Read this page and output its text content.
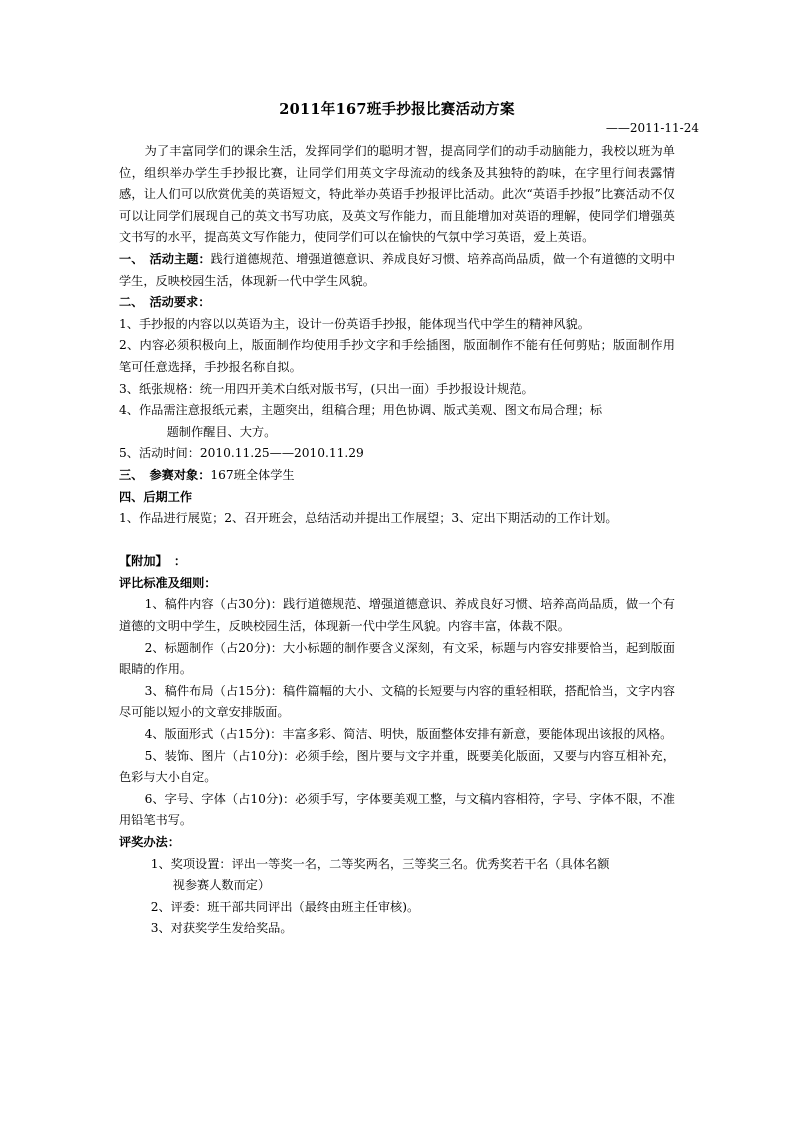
2011年167班手抄报比赛活动方案
——2011-11-24

为了丰富同学们的课余生活，发挥同学们的聪明才智，提高同学们的动手动脑能力，我校以班为单位，组织举办学生手抄报比赛，让同学们用英文字母流动的线条及其独特的韵味，在字里行间表露情感，让人们可以欣赏优美的英语短文，特此举办英语手抄报评比活动。此次“英语手抄报”比赛活动不仅可以让同学们展现自己的英文书写功底，及英文写作能力，而且能增加对英语的理解，使同学们增强英文书写的水平，提高英文写作能力，使同学们可以在愉快的气氛中学习英语，爱上英语。

一、　活动主题：践行道德规范、增强道德意识、养成良好习惯、培养高尚品质，做一个有道德的文明中学生，反映校园生活，体现新一代中学生风貌。

二、　活动要求：

1、手抄报的内容以以英语为主，设计一份英语手抄报，能体现当代中学生的精神风貌。

2、内容必须积极向上，版面制作均使用手抄文字和手绘插图，版面制作不能有任何剪贴；版面制作用笔可任意选择，手抄报名称自拟。

3、纸张规格：统一用四开美术白纸对版书写，(只出一面）手抄报设计规范。

4、作品需注意报纸元素，主题突出，组稿合理；用色协调、版式美观、图文布局合理；标

题制作醒目、大方。

5、活动时间：2010.11.25——2010.11.29

三、　参赛对象：167班全体学生

四、后期工作

1、作品进行展览；2、召开班会，总结活动并提出工作展望；3、定出下期活动的工作计划。

【附加】　：

评比标准及细则：

1、稿件内容（占30分)：践行道德规范、增强道德意识、养成良好习惯、培养高尚品质，做一个有道德的文明中学生，反映校园生活，体现新一代中学生风貌。内容丰富，体裁不限。

2、标题制作（占20分)：大小标题的制作要含义深刻，有文采，标题与内容安排要恰当，起到版面眼睛的作用。

3、稿件布局（占15分)：稿件篇幅的大小、文稿的长短要与内容的重轻相联，搭配恰当，文字内容尽可能以短小的文章安排版面。

4、版面形式（占15分)：丰富多彩、简洁、明快，版面整体安排有新意，要能体现出该报的风格。

5、装饰、图片（占10分)：必须手绘，图片要与文字并重，既要美化版面，又要与内容互相补充，色彩与大小自定。

6、字号、字体（占10分)：必须手写，字体要美观工整，与文稿内容相符，字号、字体不限，不准用铅笔书写。

评奖办法：

1、奖项设置：评出一等奖一名，二等奖两名，三等奖三名。优秀奖若干名（具体名额

视参赛人数而定）

2、评委：班干部共同评出（最终由班主任审核)。

3、对获奖学生发给奖品。
